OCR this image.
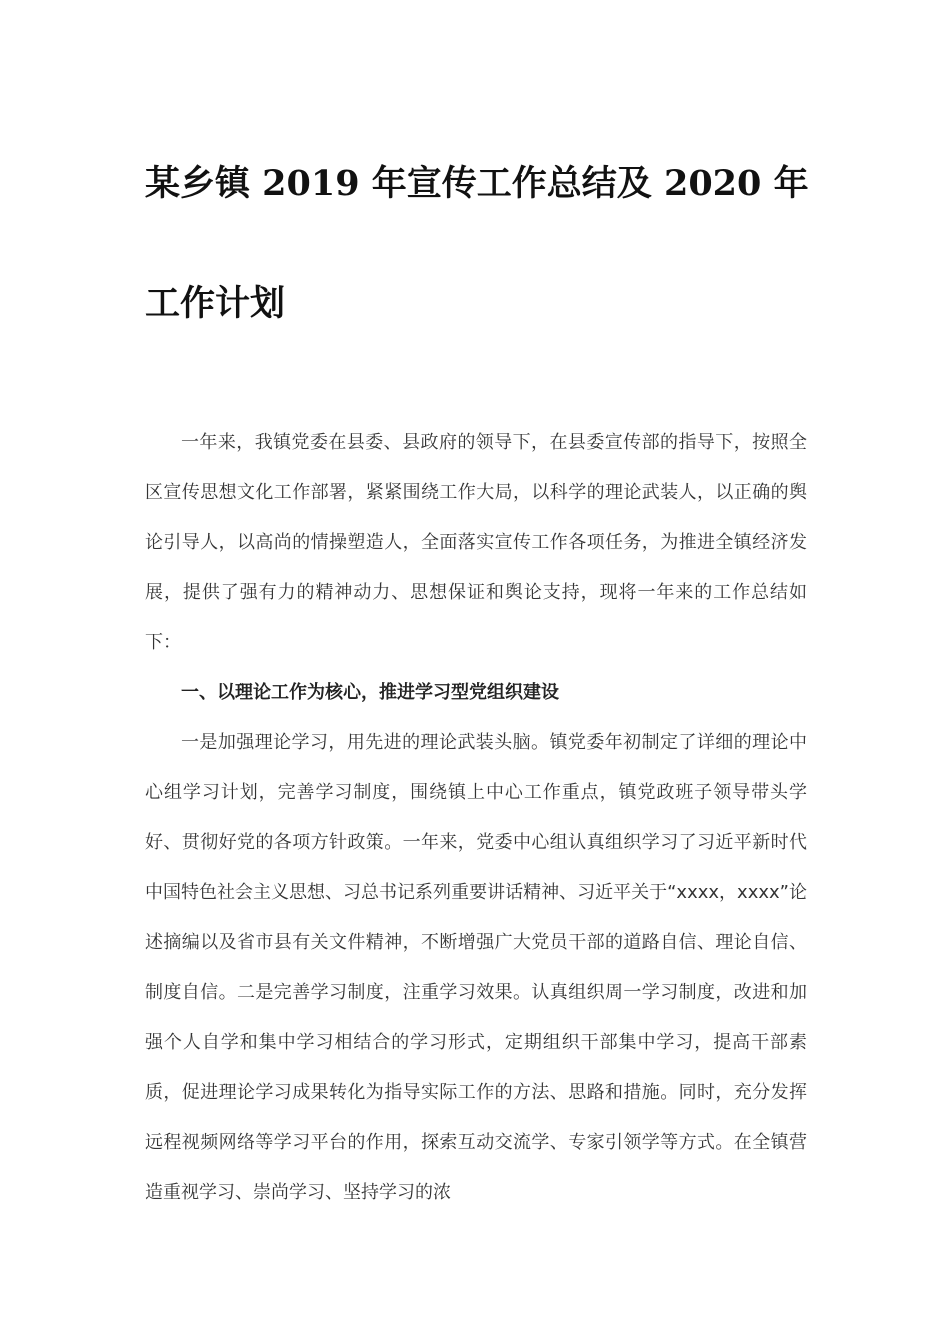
某乡镇 2019 年宣传工作总结及 2020 年
工作计划

一年来，我镇党委在县委、县政府的领导下，在县委宣传部的指导下，按照全区宣传思想文化工作部署，紧紧围绕工作大局，以科学的理论武装人，以正确的舆论引导人，以高尚的情操塑造人，全面落实宣传工作各项任务，为推进全镇经济发展，提供了强有力的精神动力、思想保证和舆论支持，现将一年来的工作总结如下：

一、以理论工作为核心，推进学习型党组织建设

一是加强理论学习，用先进的理论武装头脑。镇党委年初制定了详细的理论中心组学习计划，完善学习制度，围绕镇上中心工作重点，镇党政班子领导带头学好、贯彻好党的各项方针政策。一年来，党委中心组认真组织学习了习近平新时代中国特色社会主义思想、习总书记系列重要讲话精神、习近平关于“xxxx，xxxx”论述摘编以及省市县有关文件精神，不断增强广大党员干部的道路自信、理论自信、制度自信。二是完善学习制度，注重学习效果。认真组织周一学习制度，改进和加强个人自学和集中学习相结合的学习形式，定期组织干部集中学习，提高干部素质，促进理论学习成果转化为指导实际工作的方法、思路和措施。同时，充分发挥远程视频网络等学习平台的作用，探索互动交流学、专家引领学等方式。在全镇营造重视学习、崇尚学习、坚持学习的浓
